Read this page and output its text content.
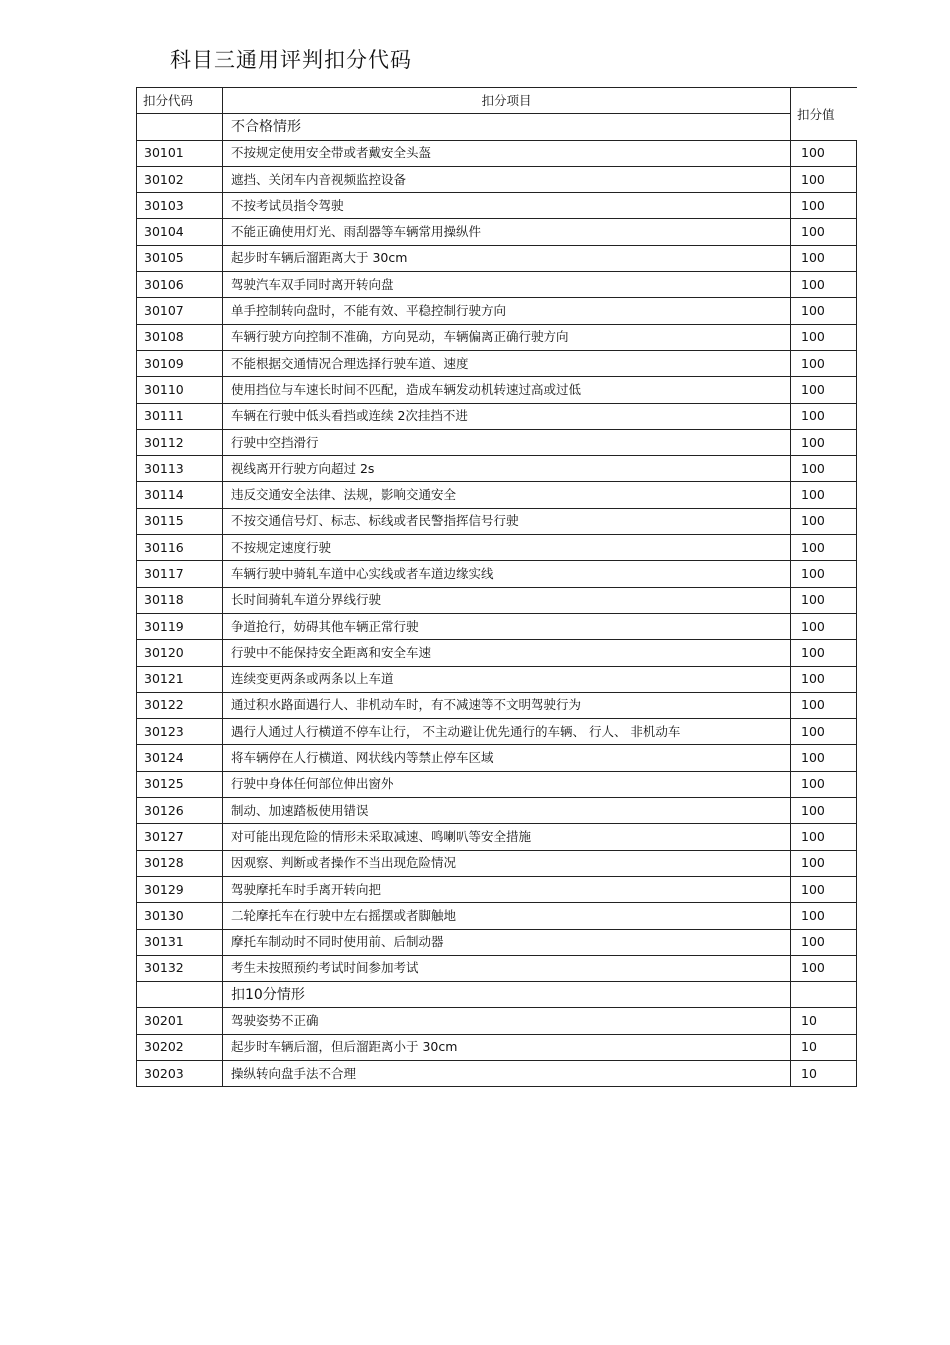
科目三通用评判扣分代码
扣分代码	扣分项目	扣分值
	不合格情形	
30101	不按规定使用安全带或者戴安全头盔	100
30102	遮挡、关闭车内音视频监控设备	100
30103	不按考试员指令驾驶	100
30104	不能正确使用灯光、雨刮器等车辆常用操纵件	100
30105	起步时车辆后溜距离大于 30cm	100
30106	驾驶汽车双手同时离开转向盘	100
30107	单手控制转向盘时，不能有效、平稳控制行驶方向	100
30108	车辆行驶方向控制不准确，方向晃动，车辆偏离正确行驶方向	100
30109	不能根据交通情况合理选择行驶车道、速度	100
30110	使用挡位与车速长时间不匹配，造成车辆发动机转速过高或过低	100
30111	车辆在行驶中低头看挡或连续 2次挂挡不进	100
30112	行驶中空挡滑行	100
30113	视线离开行驶方向超过 2s	100
30114	违反交通安全法律、法规，影响交通安全	100
30115	不按交通信号灯、标志、标线或者民警指挥信号行驶	100
30116	不按规定速度行驶	100
30117	车辆行驶中骑轧车道中心实线或者车道边缘实线	100
30118	长时间骑轧车道分界线行驶	100
30119	争道抢行，妨碍其他车辆正常行驶	100
30120	行驶中不能保持安全距离和安全车速	100
30121	连续变更两条或两条以上车道	100
30122	通过积水路面遇行人、非机动车时，有不减速等不文明驾驶行为	100
30123	遇行人通过人行横道不停车让行， 不主动避让优先通行的车辆、 行人、 非机动车	100
30124	将车辆停在人行横道、网状线内等禁止停车区域	100
30125	行驶中身体任何部位伸出窗外	100
30126	制动、加速踏板使用错误	100
30127	对可能出现危险的情形未采取减速、鸣喇叭等安全措施	100
30128	因观察、判断或者操作不当出现危险情况	100
30129	驾驶摩托车时手离开转向把	100
30130	二轮摩托车在行驶中左右摇摆或者脚触地	100
30131	摩托车制动时不同时使用前、后制动器	100
30132	考生未按照预约考试时间参加考试	100
	扣10分情形	
30201	驾驶姿势不正确	10
30202	起步时车辆后溜，但后溜距离小于 30cm	10
30203	操纵转向盘手法不合理	10
